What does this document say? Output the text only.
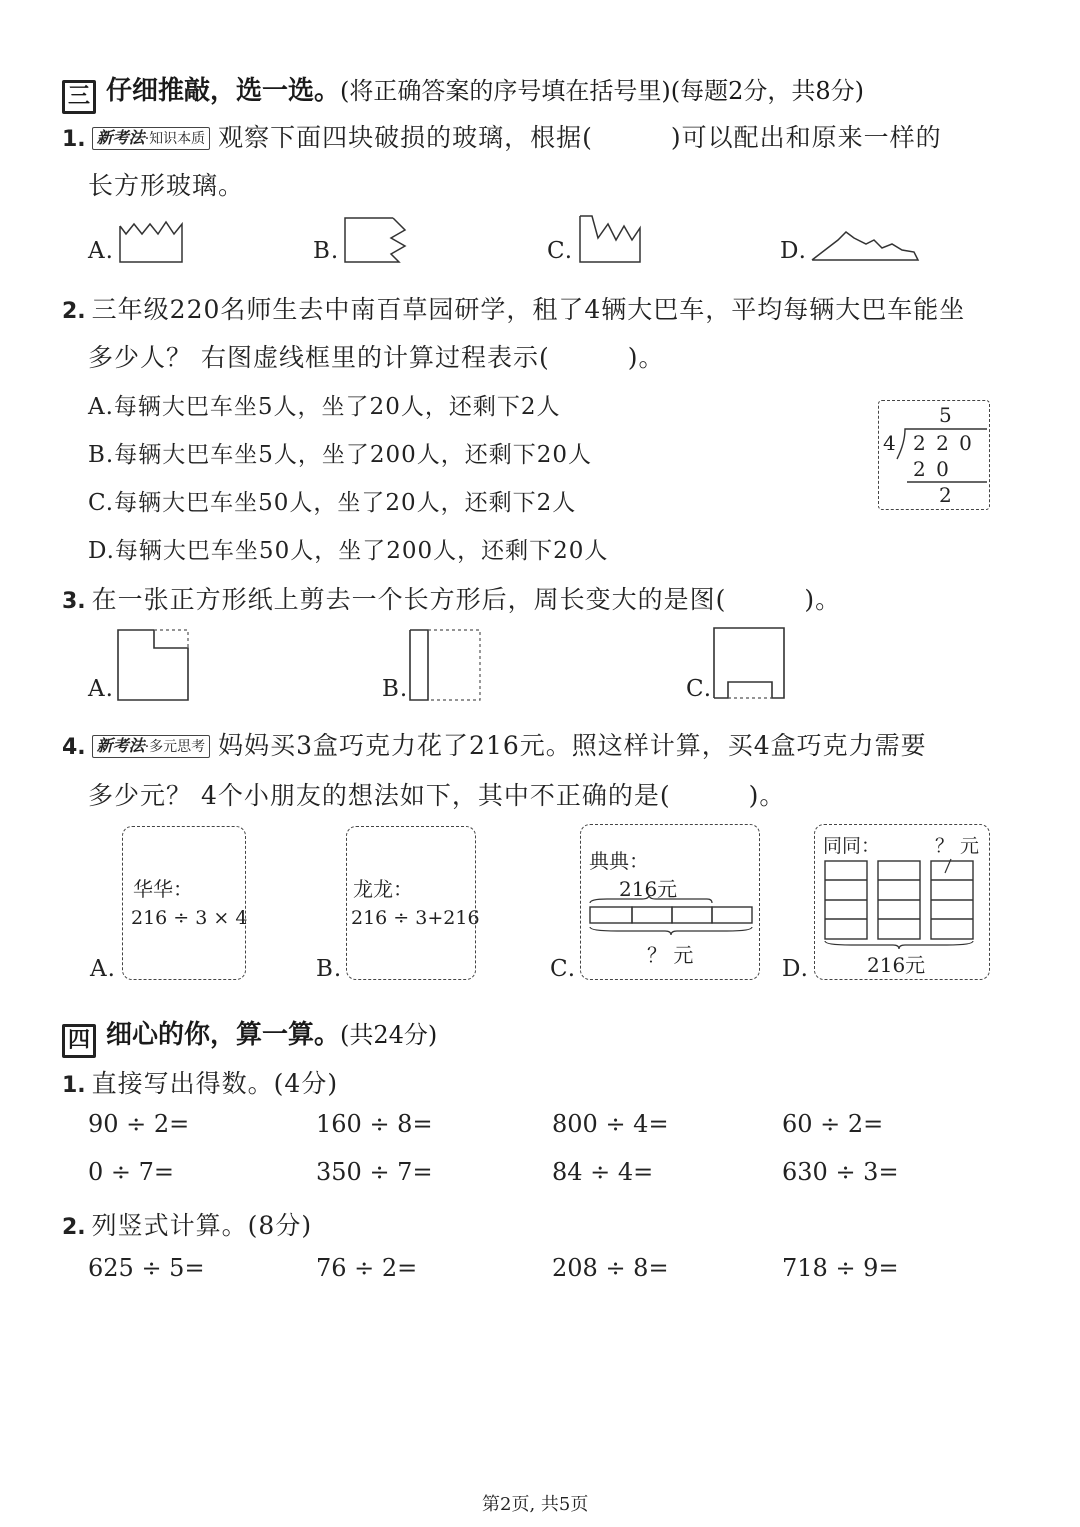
三 仔细推敲，选一选。(将正确答案的序号填在括号里)(每题2分，共8分)
1. 新考法·知识本质 观察下面四块破损的玻璃，根据(　　　)可以配出和原来一样的
长方形玻璃。
A.	B.	C.	D.
2. 三年级220名师生去中南百草园研学，租了4辆大巴车，平均每辆大巴车能坐
多少人？ 右图虚线框里的计算过程表示(　　　)。
A.每辆大巴车坐5人，坐了20人，还剩下2人
B.每辆大巴车坐5人，坐了200人，还剩下20人
C.每辆大巴车坐50人，坐了20人，还剩下2人
D.每辆大巴车坐50人，坐了200人，还剩下20人
5
4 2 2 0
2 0
2
3. 在一张正方形纸上剪去一个长方形后，周长变大的是图(　　　)。
A.	B.	C.
4. 新考法·多元思考 妈妈买3盒巧克力花了216元。照这样计算，买4盒巧克力需要
多少元？ 4个小朋友的想法如下，其中不正确的是(　　　)。
A.
华华：
216 ÷ 3 × 4
B.
龙龙：
216 ÷ 3+216
C.
典典：
216元
？ 元
D.
同同：	？ 元
216元
四 细心的你，算一算。(共24分)
1. 直接写出得数。(4分)
90 ÷ 2=	160 ÷ 8=	800 ÷ 4=	60 ÷ 2=
0 ÷ 7=	350 ÷ 7=	84 ÷ 4=	630 ÷ 3=
2. 列竖式计算。(8分)
625 ÷ 5=	76 ÷ 2=	208 ÷ 8=	718 ÷ 9=
第2页, 共5页
